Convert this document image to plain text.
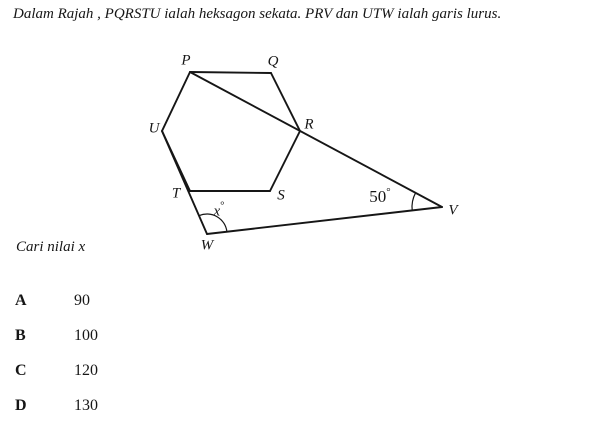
Dalam Rajah , PQRSTU ialah heksagon sekata. PRV dan UTW ialah garis lurus.

P	Q
R
S
T
U
V
W
50°
x°

Cari nilai x

A	90
B	100
C	120
D	130
